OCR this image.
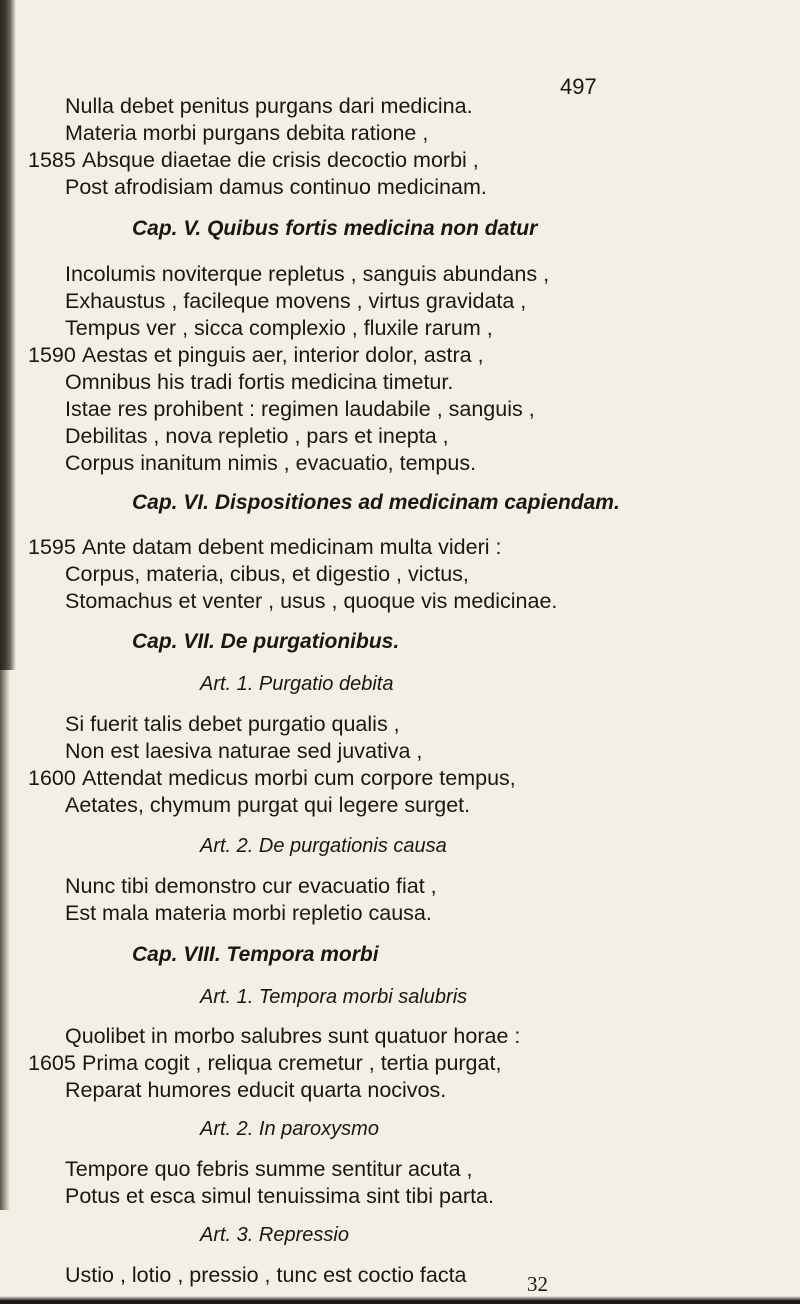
497
Nulla debet penitus purgans dari medicina.
Materia morbi purgans debita ratione ,
1585 Absque diaetae die crisis decoctio morbi ,
Post afrodisiam damus continuo medicinam.
Cap. V. Quibus fortis medicina non datur
Incolumis noviterque repletus , sanguis abundans ,
Exhaustus , facileque movens , virtus gravidata ,
Tempus ver , sicca complexio , fluxile rarum ,
1590 Aestas et pinguis aer, interior dolor, astra ,
Omnibus his tradi fortis medicina timetur.
Istae res prohibent : regimen laudabile , sanguis ,
Debilitas , nova repletio , pars et inepta ,
Corpus inanitum nimis , evacuatio, tempus.
Cap. VI. Dispositiones ad medicinam capiendam.
1595 Ante datam debent medicinam multa videri :
Corpus, materia, cibus, et digestio , victus,
Stomachus et venter , usus , quoque vis medicinae.
Cap. VII. De purgationibus.
Art. 1. Purgatio debita
Si fuerit talis debet purgatio qualis ,
Non est laesiva naturae sed juvativa ,
1600 Attendat medicus morbi cum corpore tempus,
Aetates, chymum purgat qui legere surget.
Art. 2. De purgationis causa
Nunc tibi demonstro cur evacuatio fiat ,
Est mala materia morbi repletio causa.
Cap. VIII. Tempora morbi
Art. 1. Tempora morbi salubris
Quolibet in morbo salubres sunt quatuor horae :
1605 Prima cogit , reliqua cremetur , tertia purgat,
Reparat humores educit quarta nocivos.
Art. 2. In paroxysmo
Tempore quo febris summe sentitur acuta ,
Potus et esca simul tenuissima sint tibi parta.
Art. 3. Repressio
Ustio , lotio , pressio , tunc est coctio facta	32
